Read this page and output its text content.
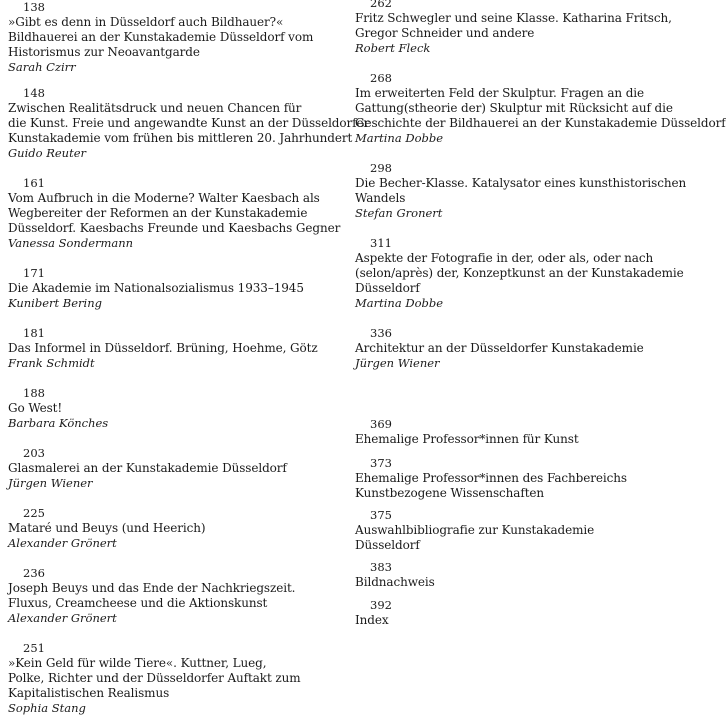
138
»Gibt es denn in Düsseldorf auch Bildhauer?«
Bildhauerei an der Kunstakademie Düsseldorf vom
Historismus zur Neoavantgarde
Sarah Czirr
148
Zwischen Realitätsdruck und neuen Chancen für
die Kunst. Freie und angewandte Kunst an der Düsseldorfer
Kunstakademie vom frühen bis mittleren 20. Jahrhundert
Guido Reuter
161
Vom Aufbruch in die Moderne? Walter Kaesbach als
Wegbereiter der Reformen an der Kunstakademie
Düsseldorf. Kaesbachs Freunde und Kaesbachs Gegner
Vanessa Sondermann
171
Die Akademie im Nationalsozialismus 1933–1945
Kunibert Bering
181
Das Informel in Düsseldorf. Brüning, Hoehme, Götz
Frank Schmidt
188
Go West!
Barbara Könches
203
Glasmalerei an der Kunstakademie Düsseldorf
Jürgen Wiener
225
Mataré und Beuys (und Heerich)
Alexander Grönert
236
Joseph Beuys und das Ende der Nachkriegszeit.
Fluxus, Creamcheese und die Aktionskunst
Alexander Grönert
251
»Kein Geld für wilde Tiere«. Kuttner, Lueg,
Polke, Richter und der Düsseldorfer Auftakt zum
Kapitalistischen Realismus
Sophia Stang
262
Fritz Schwegler und seine Klasse. Katharina Fritsch,
Gregor Schneider und andere
Robert Fleck
268
Im erweiterten Feld der Skulptur. Fragen an die
Gattung(stheorie der) Skulptur mit Rücksicht auf die
Geschichte der Bildhauerei an der Kunstakademie Düsseldorf
Martina Dobbe
298
Die Becher-Klasse. Katalysator eines kunsthistorischen
Wandels
Stefan Gronert
311
Aspekte der Fotografie in der, oder als, oder nach
(selon/après) der, Konzeptkunst an der Kunstakademie
Düsseldorf
Martina Dobbe
336
Architektur an der Düsseldorfer Kunstakademie
Jürgen Wiener
369
Ehemalige Professor*innen für Kunst
373
Ehemalige Professor*innen des Fachbereichs
Kunstbezogene Wissenschaften
375
Auswahlbibliografie zur Kunstakademie
Düsseldorf
383
Bildnachweis
392
Index
